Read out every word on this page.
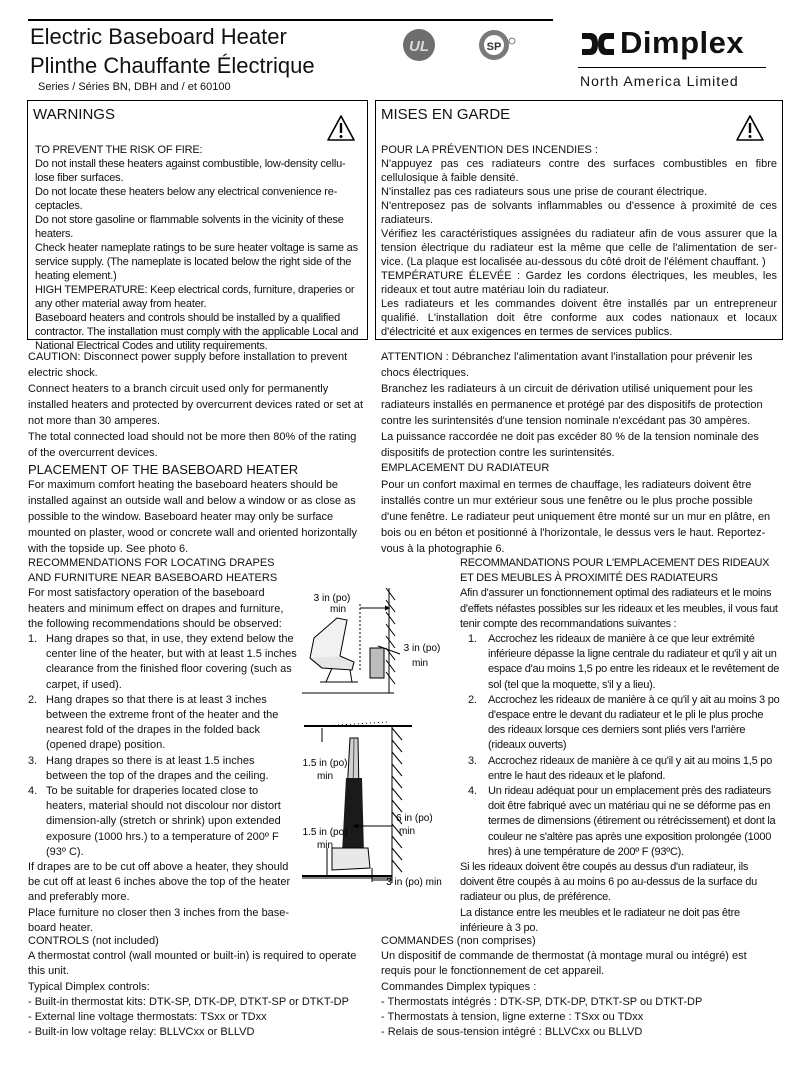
Electric Baseboard Heater
Plinthe Chauffante Électrique
Series / Séries BN, DBH and / et 60100
UL	SP	Dimplex
North America Limited
WARNINGS

TO PREVENT THE RISK OF FIRE:

Do not install these heaters against combustible, low-density cellu-lose fiber surfaces.

Do not locate these heaters below any electrical convenience re-ceptacles.

Do not store gasoline or flammable solvents in the vicinity of these heaters.

Check heater nameplate ratings to be sure heater voltage is same as service supply. (The nameplate is located below the right side of the heating element.)

HIGH TEMPERATURE: Keep electrical cords, furniture, draperies or any other material away from heater.

Baseboard heaters and controls should be installed by a qualified contractor. The installation must comply with the applicable Local and National Electrical Codes and utility requirements.

MISES EN GARDE

POUR LA PRÉVENTION DES INCENDIES :

N'appuyez pas ces radiateurs contre des surfaces combustibles en fibre cellulosique à faible densité.

N'installez pas ces radiateurs sous une prise de courant électrique.

N'entreposez pas de solvants inflammables ou d'essence à proximité de ces radiateurs.

Vérifiez les caractéristiques assignées du radiateur afin de vous assurer que la tension électrique du radiateur est la même que celle de l'alimentation de ser-vice. (La plaque est localisée au-dessous du côté droit de l'élément chauffant. )

TEMPÉRATURE ÉLEVÉE : Gardez les cordons électriques, les meubles, les rideaux et tout autre matériau loin du radiateur.

Les radiateurs et les commandes doivent être installés par un entrepreneur qualifié. L'installation doit être conforme aux codes nationaux et locaux d'électricité et aux exigences en termes de services publics.

CAUTION: Disconnect power supply before installation to prevent electric shock.

Connect heaters to a branch circuit used only for permanently installed heaters and protected by overcurrent devices rated or set at not more than 30 amperes.

The total connected load should not be more then 80% of the rating of the overcurrent devices.

ATTENTION : Débranchez l'alimentation avant l'installation pour prévenir les chocs électriques.

Branchez les radiateurs à un circuit de dérivation utilisé uniquement pour les radiateurs installés en permanence et protégé par des dispositifs de protection contre les surintensités d'une tension nominale n'excédant pas 30 ampères.

La puissance raccordée ne doit pas excéder 80 % de la tension nominale des dispositifs de protection contre les surintensités.

PLACEMENT OF THE BASEBOARD HEATER
For maximum comfort heating the baseboard heaters should be installed against an outside wall and below a window or as close as possible to the window. Baseboard heater may only be surface mounted on plaster, wood or concrete wall and oriented horizontally with the topside up. See photo 6.
EMPLACEMENT DU RADIATEUR
Pour un confort maximal en termes de chauffage, les radiateurs doivent être installés contre un mur extérieur sous une fenêtre ou le plus proche possible d'une fenêtre. Le radiateur peut uniquement être monté sur un mur en plâtre, en bois ou en béton et positionné à l'horizontale, le dessus vers le haut. Reportez-vous à la photographie 6.

RECOMMENDATIONS FOR LOCATING DRAPES AND FURNITURE NEAR BASEBOARD HEATERS

For most satisfactory operation of the baseboard heaters and minimum effect on drapes and furniture, the following recommendations should be observed:

1. Hang drapes so that, in use, they extend below the center line of the heater, but with at least 1.5 inches clearance from the finished floor covering (such as carpet, if used).
2. Hang drapes so that there is at least 3 inches between the extreme front of the heater and the nearest fold of the drapes in the folded back (opened drape) position.
3. Hang drapes so there is at least 1.5 inches between the top of the drapes and the ceiling.
4. To be suitable for draperies located close to heaters, material should not discolour nor distort dimension-ally (stretch or shrink) upon extended exposure (1000 hrs.) to a temperature of 200º F (93º C).

If drapes are to be cut off above a heater, they should be cut off at least 6 inches above the top of the heater and preferably more.

Place furniture no closer then 3 inches from the base-board heater.

3 in (po)
min
3 in (po)
min
1.5 in (po)
min
1.5 in (po)
min
6 in (po)
min
3 in (po) min

RECOMMANDATIONS POUR L'EMPLACEMENT DES RIDEAUX ET DES MEUBLES À PROXIMITÉ DES RADIATEURS

Afin d'assurer un fonctionnement optimal des radiateurs et le moins d'effets néfastes possibles sur les rideaux et les meubles, il vous faut tenir compte des recommandations suivantes :

1. Accrochez les rideaux de manière à ce que leur extrémité inférieure dépasse la ligne centrale du radiateur et qu'il y ait un espace d'au moins 1,5 po entre les rideaux et le revêtement de sol (tel que la moquette, s'il y a lieu).
2. Accrochez les rideaux de manière à ce qu'il y ait au moins 3 po d'espace entre le devant du radiateur et le pli le plus proche des rideaux lorsque ces derniers sont pliés vers l'arrière (rideaux ouverts)
3. Accrochez rideaux de manière à ce qu'il y ait au moins 1,5 po entre le haut des rideaux et le plafond.
4. Un rideau adéquat pour un emplacement près des radiateurs doit être fabriqué avec un matériau qui ne se déforme pas en termes de dimensions (étirement ou rétrécissement) et dont la couleur ne s'altère pas après une exposition prolongée (1000 hres) à une température de 200º F (93ºC).

Si les rideaux doivent être coupés au dessus d'un radiateur, ils doivent être coupés à au moins 6 po au-dessus de la surface du radiateur ou plus, de préférence.

La distance entre les meubles et le radiateur ne doit pas être inférieure à 3 po.

CONTROLS (not included)

A thermostat control (wall mounted or built-in) is required to operate this unit.

Typical Dimplex controls:

- Built-in thermostat kits: DTK-SP, DTK-DP, DTKT-SP or DTKT-DP

- External line voltage thermostats: TSxx or TDxx

- Built-in low voltage relay: BLLVCxx or BLLVD

COMMANDES (non comprises)

Un dispositif de commande de thermostat (à montage mural ou intégré) est requis pour le fonctionnement de cet appareil.

Commandes Dimplex typiques :

- Thermostats intégrés : DTK-SP, DTK-DP, DTKT-SP ou DTKT-DP

- Thermostats à tension, ligne externe : TSxx ou TDxx

- Relais de sous-tension intégré : BLLVCxx ou BLLVD
